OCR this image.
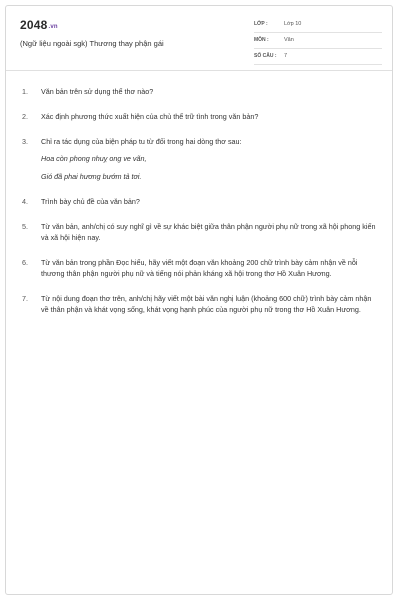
2048.vn
(Ngữ liệu ngoài sgk) Thương thay phận gái
LỚP :	Lớp 10
MÔN :	Văn
SỐ CÂU : 7
1. Văn bản trên sử dụng thể thơ nào?
2. Xác định phương thức xuất hiện của chủ thể trữ tình trong văn bản?
3. Chỉ ra tác dụng của biện pháp tu từ đối trong hai dòng thơ sau:
Hoa còn phong nhuỵ ong ve vãn,
Gió đã phai hương bướm tả tơi.
4. Trình bày chủ đề của văn bản?
5. Từ văn bản, anh/chị có suy nghĩ gì về sự khác biệt giữa thân phận người phụ nữ trong xã hội phong kiến và xã hội hiện nay.
6. Từ văn bản trong phần Đọc hiểu, hãy viết một đoạn văn khoảng 200 chữ trình bày cảm nhận về nỗi thương thân phận người phụ nữ và tiếng nói phản kháng xã hội trong thơ Hồ Xuân Hương.
7. Từ nội dung đoạn thơ trên, anh/chị hãy viết một bài văn nghị luận (khoảng 600 chữ) trình bày cảm nhận về thân phận và khát vọng sống, khát vọng hạnh phúc của người phụ nữ trong thơ Hồ Xuân Hương.
